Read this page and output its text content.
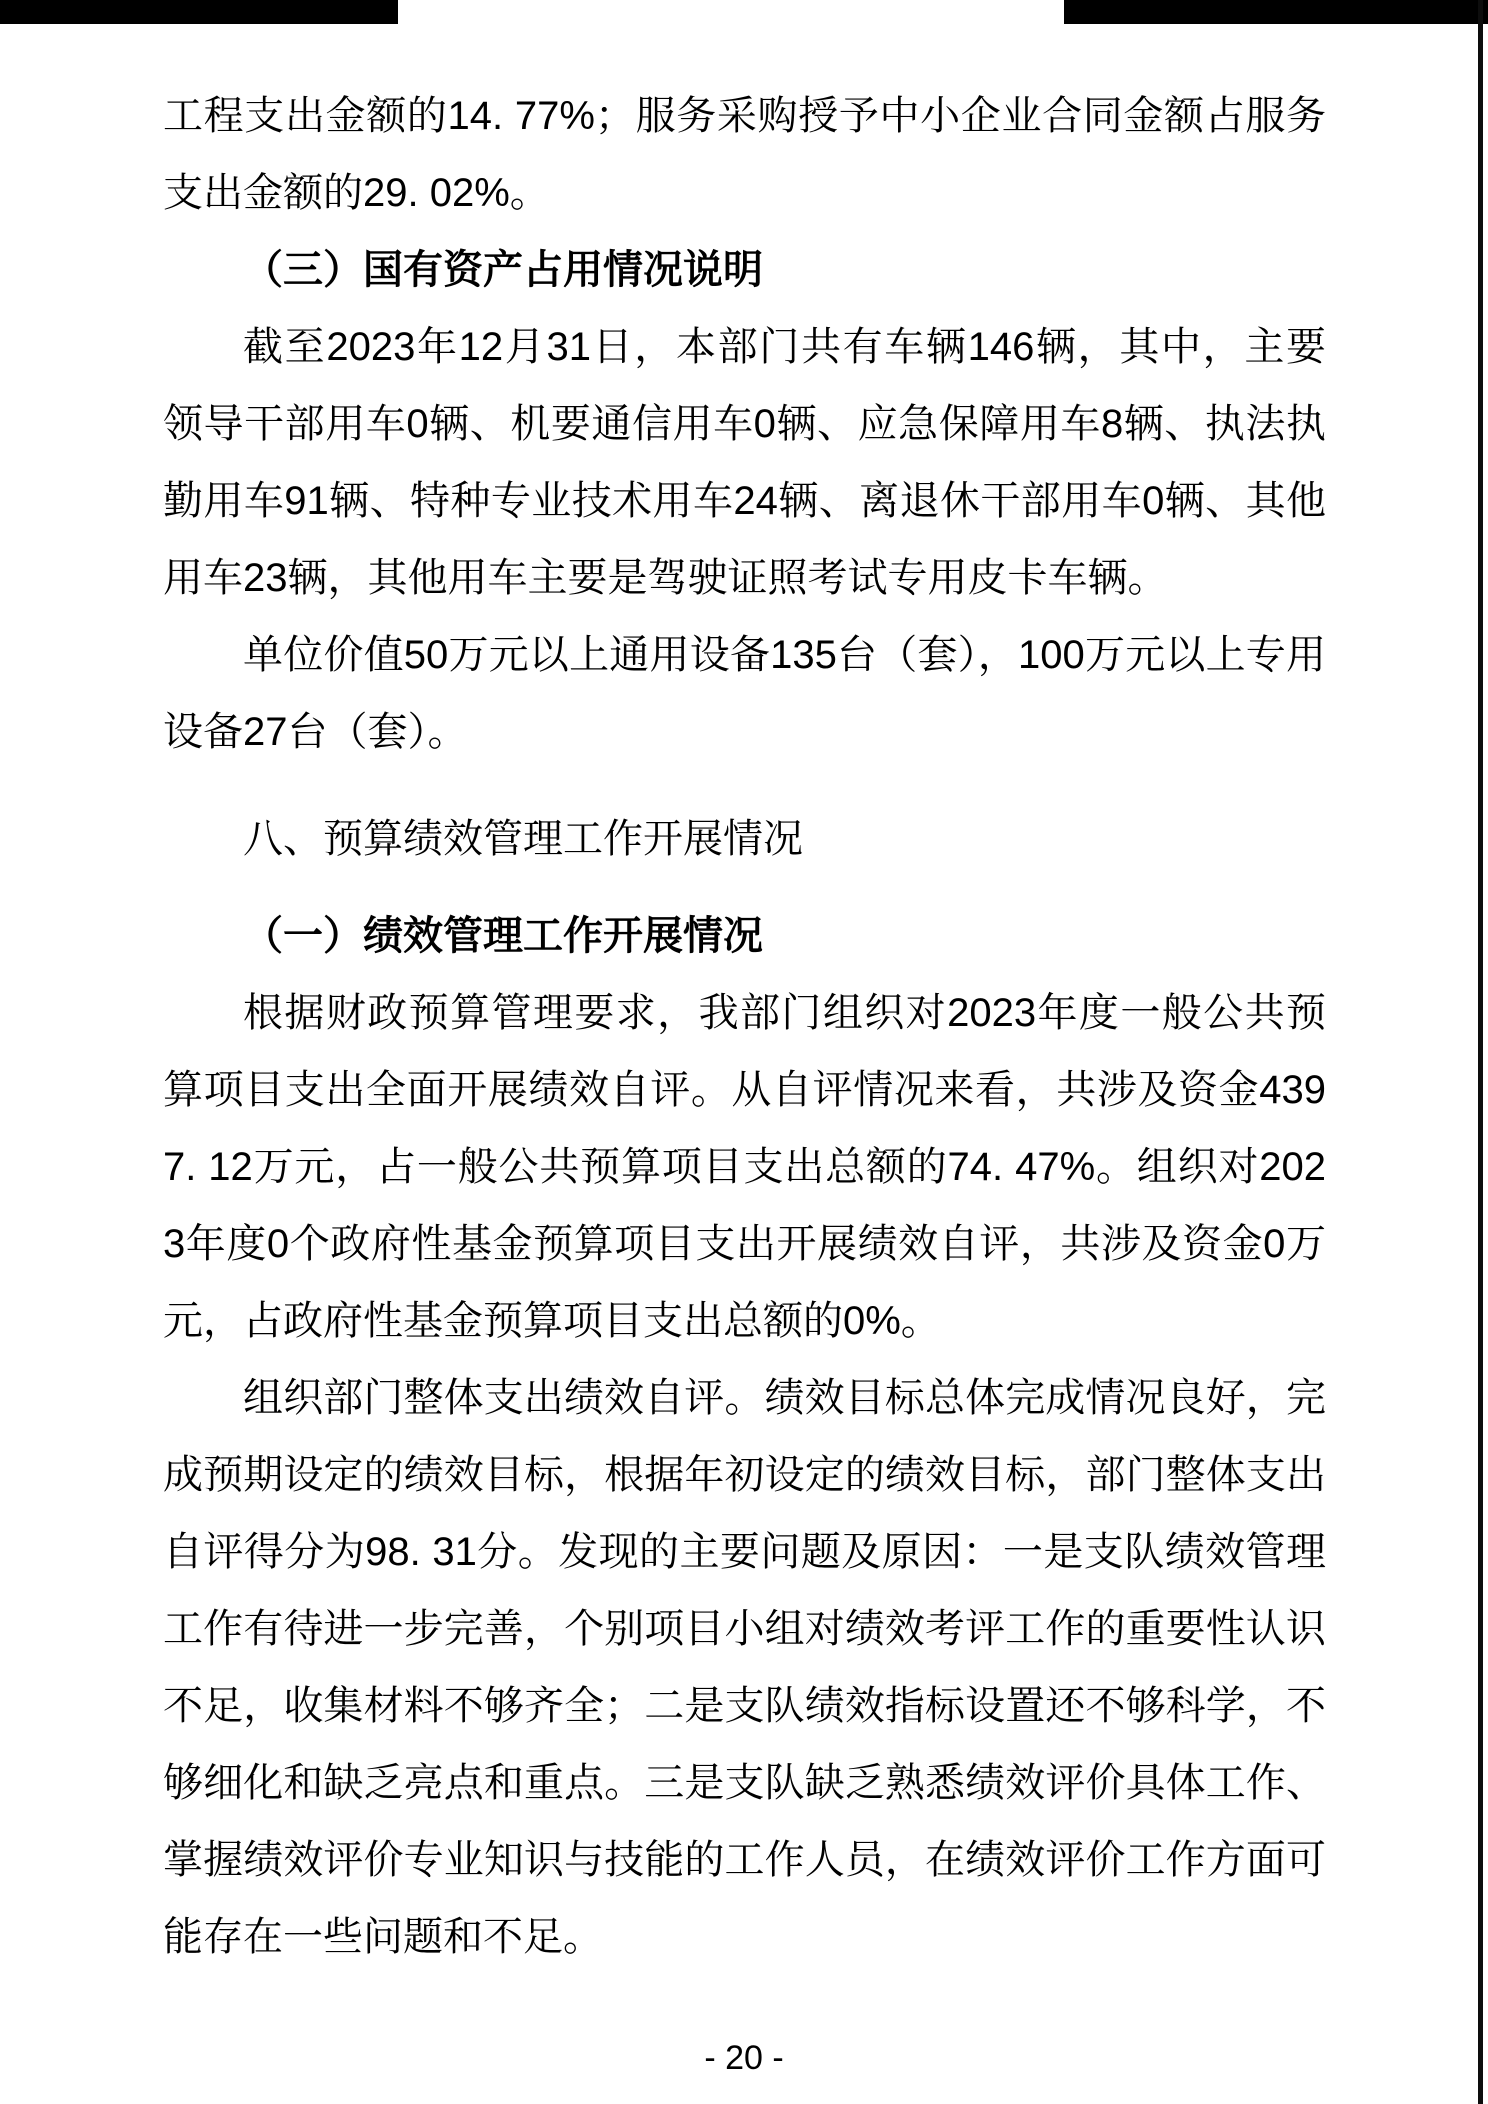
工程支出金额的14. 77%；服务采购授予中小企业合同金额占服务支出金额的29. 02%。

（三）国有资产占用情况说明

截至2023年12月31日，本部门共有车辆146辆，其中，主要领导干部用车0辆、机要通信用车0辆、应急保障用车8辆、执法执勤用车91辆、特种专业技术用车24辆、离退休干部用车0辆、其他用车23辆，其他用车主要是驾驶证照考试专用皮卡车辆。

单位价值50万元以上通用设备135台（套），100万元以上专用设备27台（套）。

八、预算绩效管理工作开展情况

（一）绩效管理工作开展情况

根据财政预算管理要求，我部门组织对2023年度一般公共预算项目支出全面开展绩效自评。从自评情况来看，共涉及资金4397. 12万元，占一般公共预算项目支出总额的74. 47%。组织对2023年度0个政府性基金预算项目支出开展绩效自评，共涉及资金0万元，占政府性基金预算项目支出总额的0%。

组织部门整体支出绩效自评。绩效目标总体完成情况良好，完成预期设定的绩效目标，根据年初设定的绩效目标，部门整体支出自评得分为98. 31分。发现的主要问题及原因：一是支队绩效管理工作有待进一步完善，个别项目小组对绩效考评工作的重要性认识不足，收集材料不够齐全；二是支队绩效指标设置还不够科学，不够细化和缺乏亮点和重点。三是支队缺乏熟悉绩效评价具体工作、掌握绩效评价专业知识与技能的工作人员，在绩效评价工作方面可能存在一些问题和不足。

- 20 -
